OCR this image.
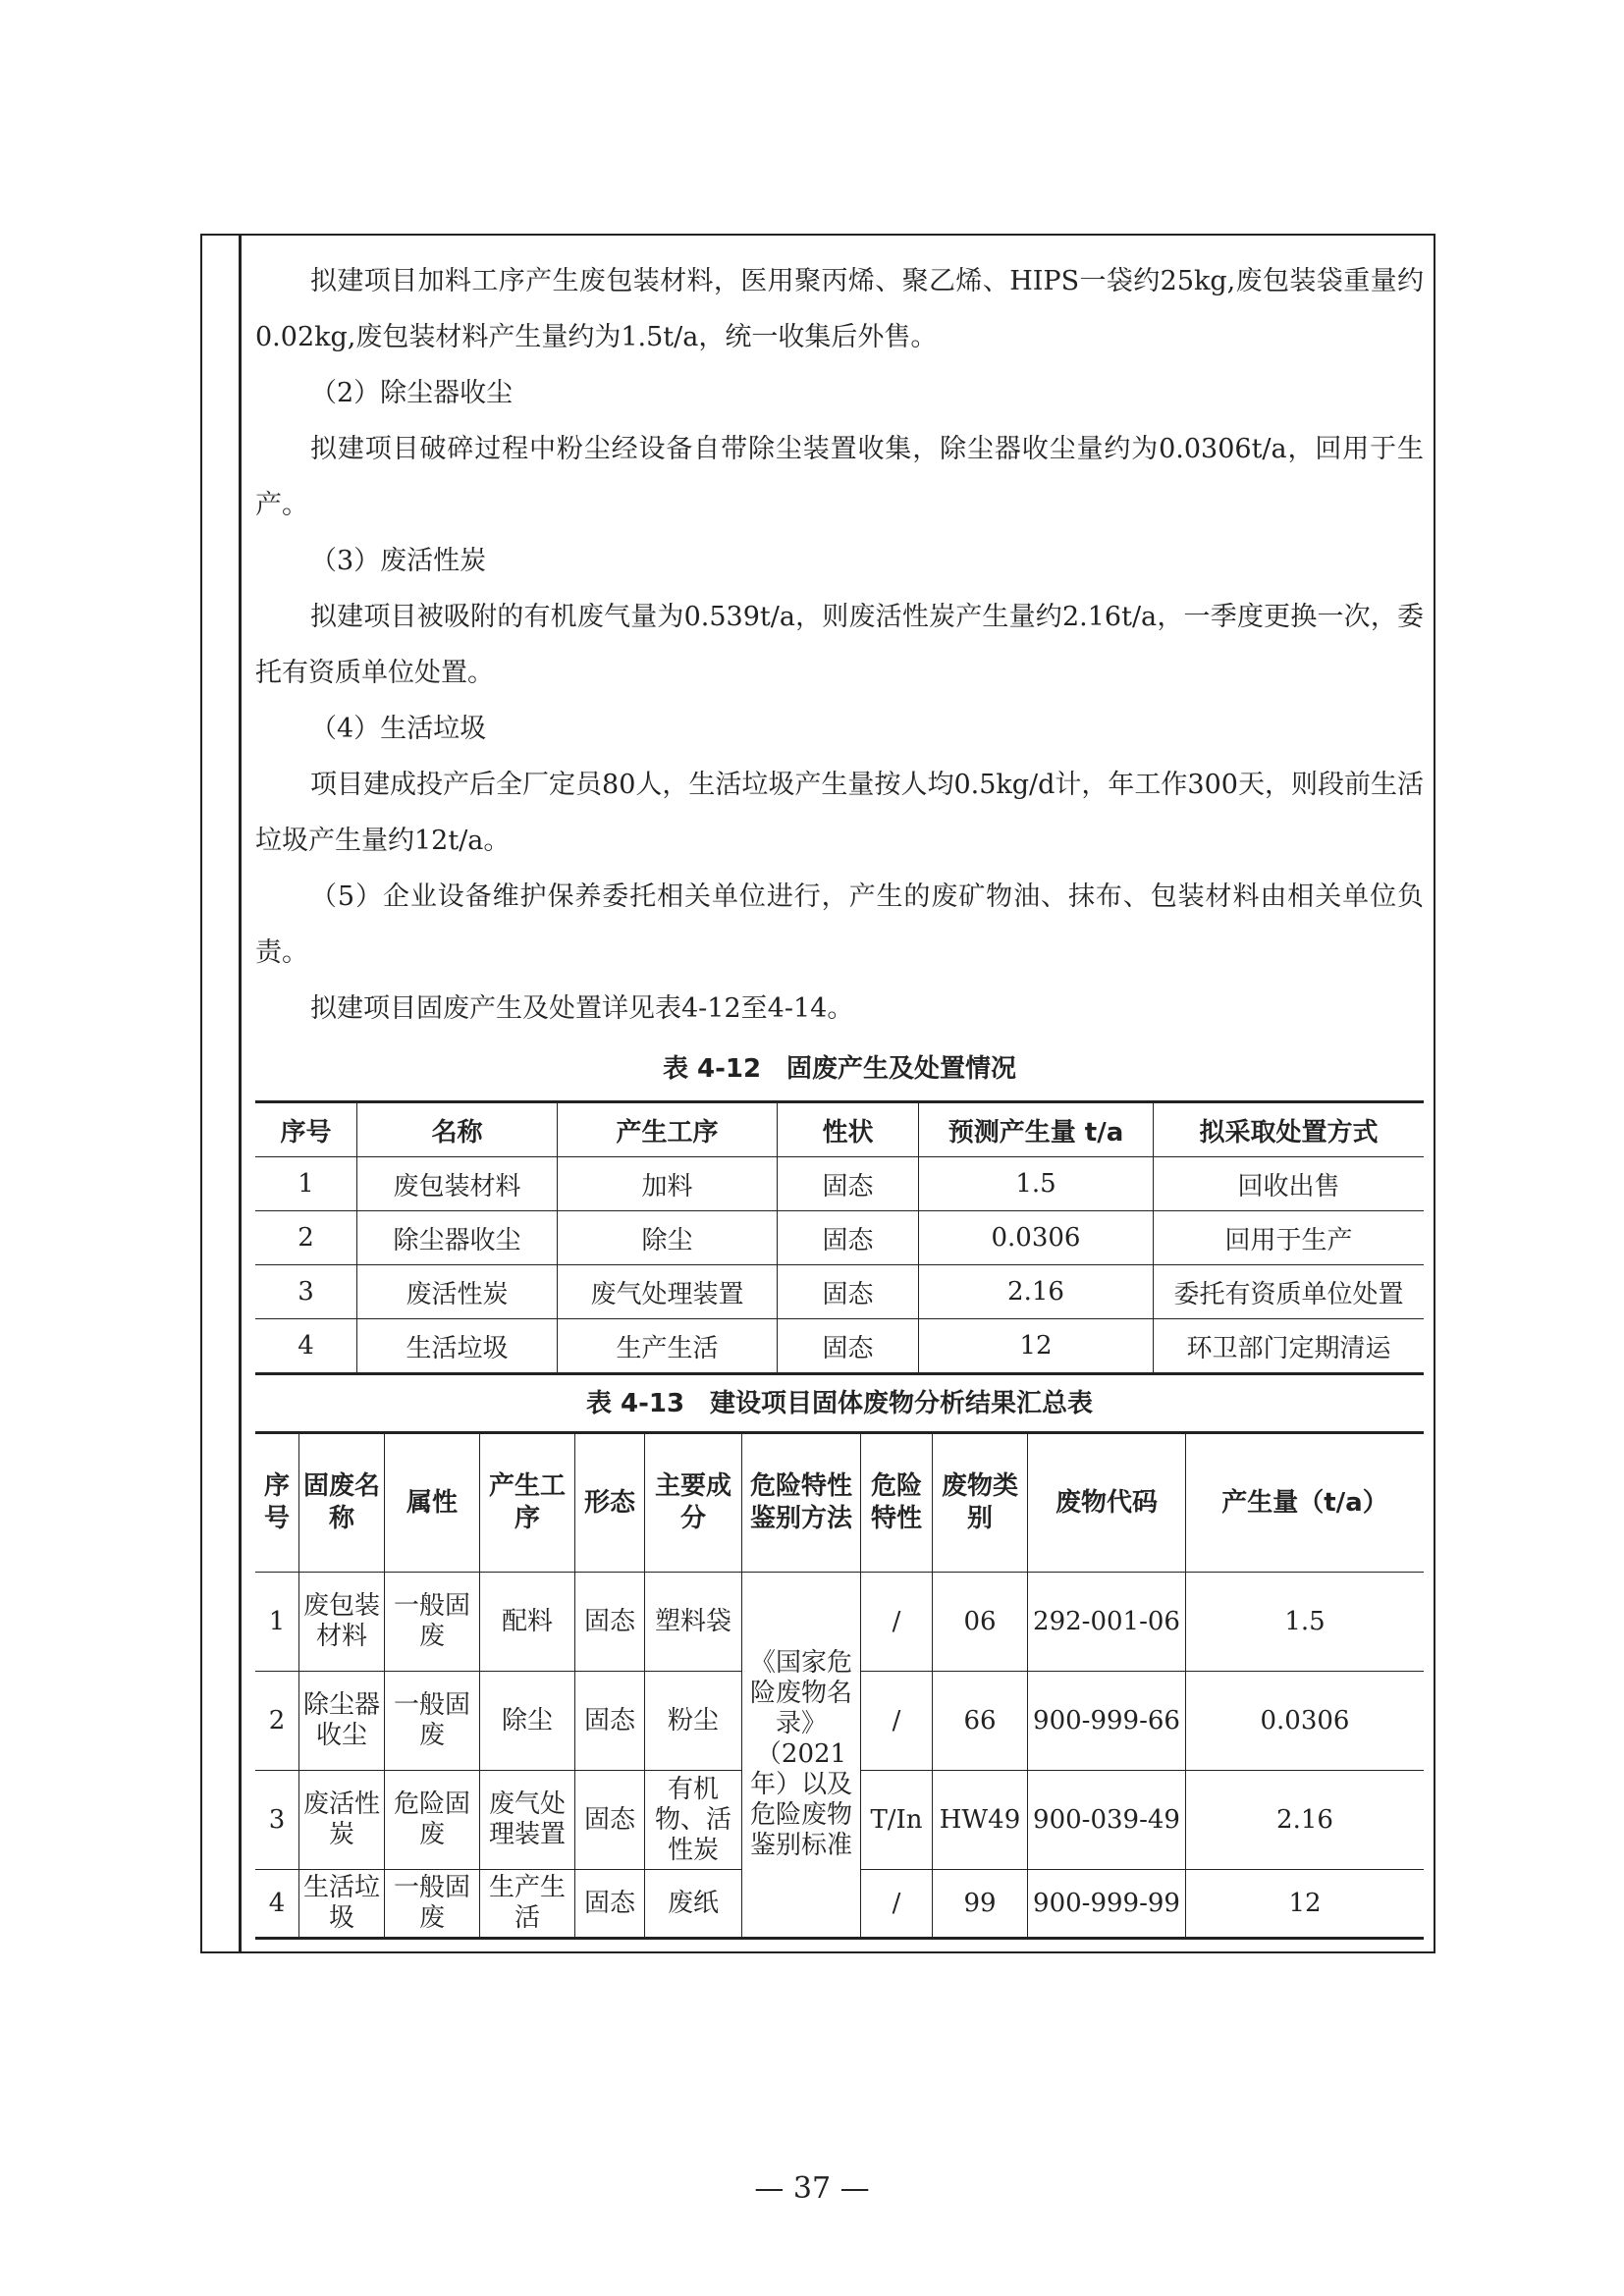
拟建项目加料工序产生废包装材料，医用聚丙烯、聚乙烯、HIPS一袋约25kg,废包装袋重量约0.02kg,废包装材料产生量约为1.5t/a，统一收集后外售。

（2）除尘器收尘

拟建项目破碎过程中粉尘经设备自带除尘装置收集，除尘器收尘量约为0.0306t/a，回用于生产。

（3）废活性炭

拟建项目被吸附的有机废气量为0.539t/a，则废活性炭产生量约2.16t/a，一季度更换一次，委托有资质单位处置。

（4）生活垃圾

项目建成投产后全厂定员80人，生活垃圾产生量按人均0.5kg/d计，年工作300天，则段前生活垃圾产生量约12t/a。

（5）企业设备维护保养委托相关单位进行，产生的废矿物油、抹布、包装材料由相关单位负责。

拟建项目固废产生及处置详见表4-12至4-14。

表 4-12　固废产生及处置情况

序号	名称	产生工序	性状	预测产生量 t/a	拟采取处置方式
1	废包装材料	加料	固态	1.5	回收出售
2	除尘器收尘	除尘	固态	0.0306	回用于生产
3	废活性炭	废气处理装置	固态	2.16	委托有资质单位处置
4	生活垃圾	生产生活	固态	12	环卫部门定期清运

表 4-13　建设项目固体废物分析结果汇总表

序号	固废名称	属性	产生工序	形态	主要成分	危险特性鉴别方法	危险特性	废物类别	废物代码	产生量（t/a）
1	废包装材料	一般固废	配料	固态	塑料袋	《国家危险废物名录》（2021年）以及危险废物鉴别标准	/	06	292-001-06	1.5
2	除尘器收尘	一般固废	除尘	固态	粉尘		/	66	900-999-66	0.0306
3	废活性炭	危险固废	废气处理装置	固态	有机物、活性炭		T/In	HW49	900-039-49	2.16
4	生活垃圾	一般固废	生产生活	固态	废纸		/	99	900-999-99	12
— 37 —
